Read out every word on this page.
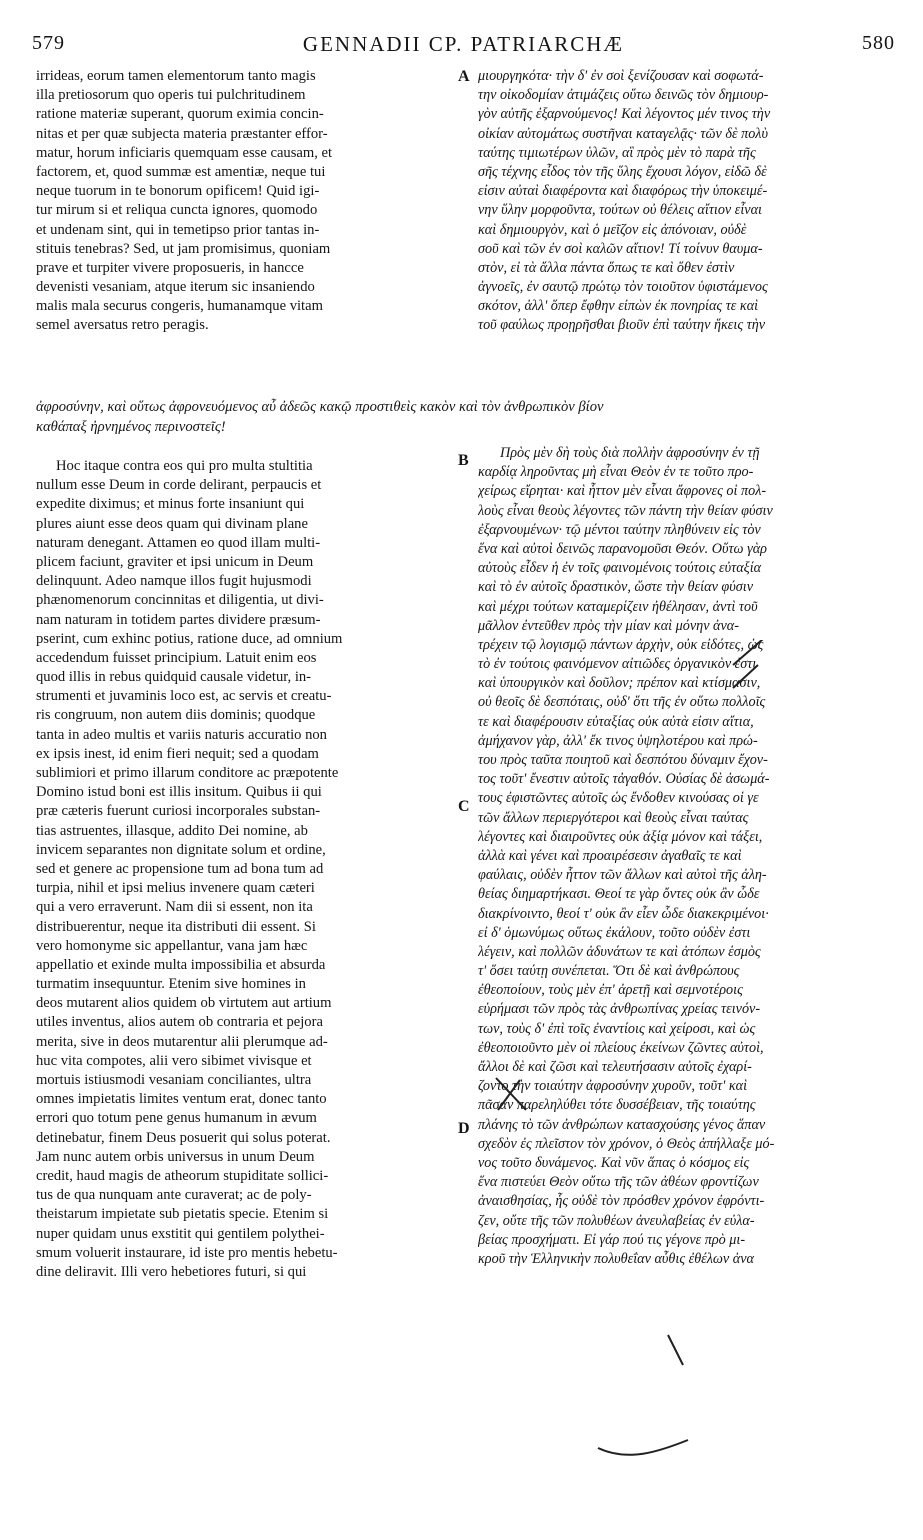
579	GENNADII CP. PATRIARCHÆ	580
irrideas, eorum tamen elementorum tanto magis
illa pretiosorum quo operis tui pulchritudinem
ratione materiæ superant, quorum eximia concin-
nitas et per quæ subjecta materia præstanter effor-
matur, horum inficiaris quemquam esse causam, et
factorem, et, quod summæ est amentiæ, neque tui
neque tuorum in te bonorum opificem! Quid igi-
tur mirum si et reliqua cuncta ignores, quomodo
et undenam sint, qui in temetipso prior tantas in-
stituis tenebras? Sed, ut jam promisimus, quoniam
prave et turpiter vivere proposueris, in hancce
devenisti vesaniam, atque iterum sic insaniendo
malis mala securus congeris, humanamque vitam
semel aversatus retro peragis.
μιουργηκότα· τὴν δ' ἐν σοὶ ξενίζουσαν καὶ σοφωτά-
την οἰκοδομίαν ἀτιμάζεις οὕτω δεινῶς τὸν δημιουρ-
γὸν αὐτῆς ἐξαρνούμενος! Καὶ λέγοντος μέν τινος τὴν
οἰκίαν αὐτομάτως συστῆναι καταγελᾷς· τῶν δὲ πολὺ
ταύτης τιμιωτέρων ὑλῶν, αἳ πρὸς μὲν τὸ παρὰ τῆς
σῆς τέχνης εἶδος τὸν τῆς ὕλης ἔχουσι λόγον, εἰδῶ δὲ
εἰσιν αὐταὶ διαφέροντα καὶ διαφόρως τὴν ὑποκειμέ-
νην ὕλην μορφοῦντα, τούτων οὐ θέλεις αἴτιον εἶναι
καὶ δημιουργὸν, καὶ ὁ μεῖζον εἰς ἀπόνοιαν, οὐδὲ
σοῦ καὶ τῶν ἐν σοὶ καλῶν αἴτιον! Τί τοίνυν θαυμα-
στὸν, εἰ τὰ ἄλλα πάντα ὅπως τε καὶ ὅθεν ἐστὶν
ἀγνοεῖς, ἐν σαυτῷ πρώτῳ τὸν τοιοῦτον ὑφιστάμενος
σκότον, ἀλλ' ὅπερ ἔφθην εἰπὼν ἐκ πονηρίας τε καὶ
τοῦ φαύλως προῃρῆσθαι βιοῦν ἐπὶ ταύτην ἥκεις τὴν
ἀφροσύνην, καὶ οὕτως ἀφρονευόμενος αὖ ἀδεῶς κακῷ προστιθεὶς κακὸν καὶ τὸν ἀνθρωπικὸν βίον
καθάπαξ ἠρνημένος περινοστεῖς!
Hoc itaque contra eos qui pro multa stultitia
nullum esse Deum in corde delirant, perpaucis et
expedite diximus; et minus forte insaniunt qui
plures aiunt esse deos quam qui divinam plane
naturam denegant. Attamen eo quod illam multi-
plicem faciunt, graviter et ipsi unicum in Deum
delinquunt. Adeo namque illos fugit hujusmodi
phænomenorum concinnitas et diligentia, ut divi-
nam naturam in totidem partes dividere præsum-
pserint, cum exhinc potius, ratione duce, ad omnium
accedendum fuisset principium. Latuit enim eos
quod illis in rebus quidquid causale videtur, in-
strumenti et juvaminis loco est, ac servis et creatu-
ris congruum, non autem diis dominis; quodque
tanta in adeo multis et variis naturis accuratio non
ex ipsis inest, id enim fieri nequit; sed a quodam
sublimiori et primo illarum conditore ac præpotente
Domino istud boni est illis insitum. Quibus ii qui
præ cæteris fuerunt curiosi incorporales substan-
tias astruentes, illasque, addito Dei nomine, ab
invicem separantes non dignitate solum et ordine,
sed et genere ac propensione tum ad bona tum ad
turpia, nihil et ipsi melius invenere quam cæteri
qui a vero erraverunt. Nam dii si essent, non ita
distribuerentur, neque ita distributi dii essent. Si
vero homonyme sic appellantur, vana jam hæc
appellatio et exinde multa impossibilia et absurda
turmatim insequuntur. Etenim sive homines in
deos mutarent alios quidem ob virtutem aut artium
utiles inventus, alios autem ob contraria et pejora
merita, sive in deos mutarentur alii plerumque ad-
huc vita compotes, alii vero sibimet vivisque et
mortuis istiusmodi vesaniam conciliantes, ultra
omnes impietatis limites ventum erat, donec tanto
errori quo totum pene genus humanum in ævum
detinebatur, finem Deus posuerit qui solus poterat.
Jam nunc autem orbis universus in unum Deum
credit, haud magis de atheorum stupiditate sollici-
tus de qua nunquam ante curaverat; ac de poly-
theistarum impietate sub pietatis specie. Etenim si
nuper quidam unus exstitit qui gentilem polythei-
smum voluerit instaurare, id iste pro mentis hebetu-
dine deliravit. Illi vero hebetiores futuri, si qui
Πρὸς μὲν δὴ τοὺς διὰ πολλὴν ἀφροσύνην ἐν τῇ
καρδίᾳ ληροῦντας μὴ εἶναι Θεὸν ἐν τε τοῦτο προ-
χείρως εἴρηται· καὶ ἧττον μὲν εἶναι ἄφρονες οἱ πολ-
λοὺς εἶναι θεοὺς λέγοντες τῶν πάντη τὴν θείαν φύσιν
ἐξαρνουμένων· τῷ μέντοι ταύτην πληθύνειν εἰς τὸν
ἕνα καὶ αὐτοὶ δεινῶς παρανομοῦσι Θεόν. Οὕτω γὰρ
αὐτοὺς εἶδεν ἡ ἐν τοῖς φαινομένοις τούτοις εὐταξία
καὶ τὸ ἐν αὐτοῖς δραστικὸν, ὥστε τὴν θείαν φύσιν
καὶ μέχρι τούτων καταμερίζειν ἠθέλησαν, ἀντὶ τοῦ
μᾶλλον ἐντεῦθεν πρὸς τὴν μίαν καὶ μόνην ἀνα-
τρέχειν τῷ λογισμῷ πάντων ἀρχὴν, οὐκ εἰδότες, ὡς
τὸ ἐν τούτοις φαινόμενον αἰτιῶδες ὀργανικὸν ἐστι
καὶ ὑπουργικὸν καὶ δοῦλον; πρέπον καὶ κτίσμασιν,
οὐ θεοῖς δὲ δεσπόταις, οὐδ' ὅτι τῆς ἐν οὕτω πολλοῖς
τε καὶ διαφέρουσιν εὐταξίας οὐκ αὐτὰ εἰσιν αἴτια,
ἀμήχανον γὰρ, ἀλλ' ἔκ τινος ὑψηλοτέρου καὶ πρώ-
του πρὸς ταῦτα ποιητοῦ καὶ δεσπότου δύναμιν ἔχον-
τος τοῦτ' ἔνεστιν αὐτοῖς τἀγαθόν. Οὐσίας δὲ ἀσωμά-
τους ἐφιστῶντες αὐτοῖς ὡς ἔνδοθεν κινούσας οἱ γε
τῶν ἄλλων περιεργότεροι καὶ θεοὺς εἶναι ταύτας
λέγοντες καὶ διαιροῦντες οὐκ ἀξίᾳ μόνον καὶ τάξει,
ἀλλὰ καὶ γένει καὶ προαιρέσεσιν ἀγαθαῖς τε καὶ
φαύλαις, οὐδὲν ἧττον τῶν ἄλλων καὶ αὐτοὶ τῆς ἀλη-
θείας διημαρτήκασι. Θεοί τε γὰρ ὄντες οὐκ ἂν ὧδε
διακρίνοιντο, θεοί τ' οὐκ ἂν εἶεν ὧδε διακεκριμένοι·
εἰ δ' ὁμωνύμως οὕτως ἐκάλουν, τοῦτο οὐδὲν ἐστι
λέγειν, καὶ πολλῶν ἀδυνάτων τε καὶ ἀτόπων ἑσμὸς
τ' ὅσει ταύτῃ συνέπεται. Ὅτι δὲ καὶ ἀνθρώπους
ἐθεοποίουν, τοὺς μὲν ἐπ' ἀρετῇ καὶ σεμνοτέροις
εὑρήμασι τῶν πρὸς τὰς ἀνθρωπίνας χρείας τεινόν-
των, τοὺς δ' ἐπὶ τοῖς ἐναντίοις καὶ χείροσι, καὶ ὡς
ἐθεοποιοῦντο μὲν οἱ πλείους ἐκείνων ζῶντες αὐτοὶ,
ἄλλοι δὲ καὶ ζῶσι καὶ τελευτήσασιν αὐτοῖς ἐχαρί-
ζοντο τὴν τοιαύτην ἀφροσύνην χυροῦν, τοῦτ' καὶ
πᾶσαν παρεληλύθει τότε δυσσέβειαν, τῆς τοιαύτης
πλάνης τὸ τῶν ἀνθρώπων κατασχούσης γένος ἅπαν
σχεδὸν ἐς πλεῖστον τὸν χρόνον, ὁ Θεὸς ἀπήλλαξε μό-
νος τοῦτο δυνάμενος. Καὶ νῦν ἅπας ὁ κόσμος εἰς
ἕνα πιστεύει Θεὸν οὔτω τῆς τῶν ἀθέων φροντίζων
ἀναισθησίας, ἧς οὐδὲ τὸν πρόσθεν χρόνον ἐφρόντι-
ζεν, οὔτε τῆς τῶν πολυθέων ἀνευλαβείας ἐν εὐλα-
βείας προσχήματι. Εἰ γάρ πού τις γέγονε πρὸ μι-
κροῦ τὴν Ἑλληνικὴν πολυθεΐαν αὖθις ἐθέλων ἀνα
A
B
C
D
